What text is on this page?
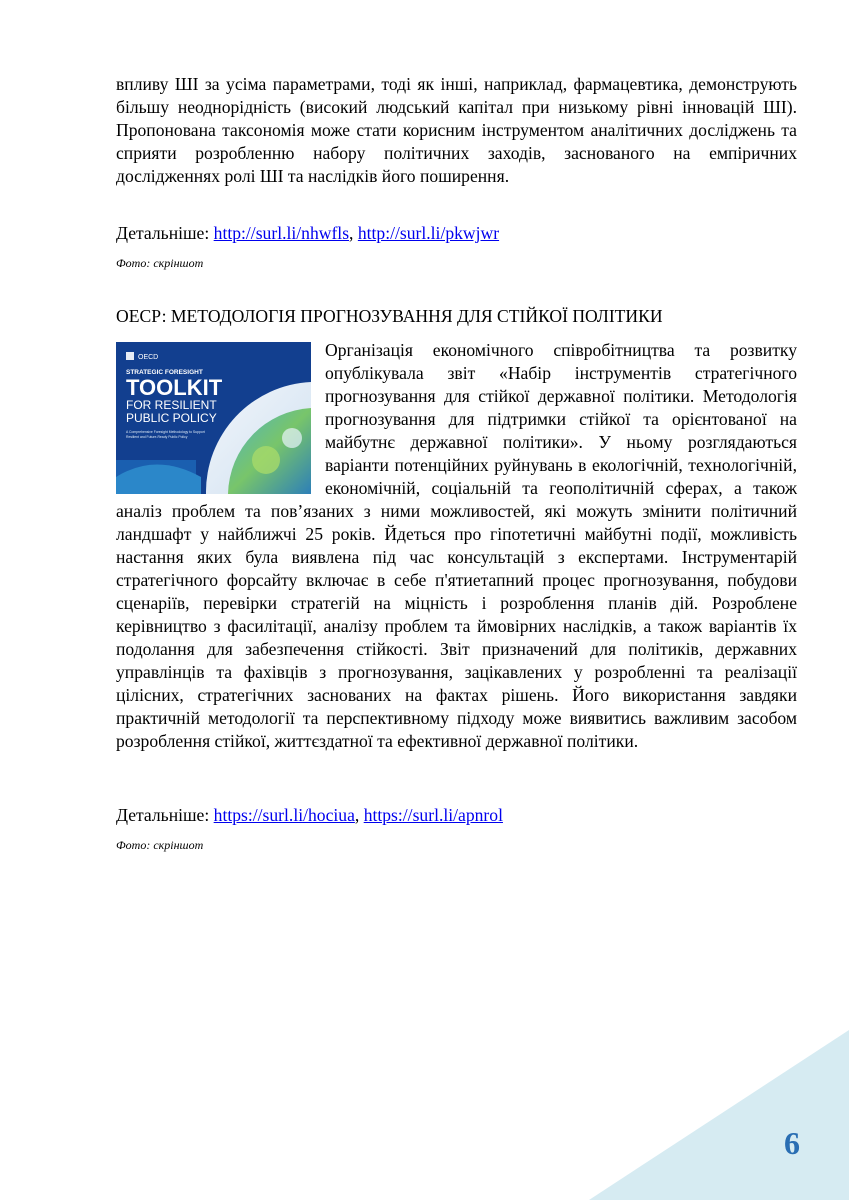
впливу ШІ за усіма параметрами, тоді як інші, наприклад, фармацевтика, демонструють більшу неоднорідність (високий людський капітал при низькому рівні інновацій ШІ). Пропонована таксономія може стати корисним інструментом аналітичних досліджень та сприяти розробленню набору політичних заходів, заснованого на емпіричних дослідженнях ролі ШІ та наслідків його поширення.

Детальніше: http://surl.li/nhwfls, http://surl.li/pkwjwr
Фото: скріншот
ОЕСР: МЕТОДОЛОГІЯ ПРОГНОЗУВАННЯ ДЛЯ СТІЙКОЇ ПОЛІТИКИ
OECD
STRATEGIC FORESIGHT
TOOLKIT
FOR RESILIENT
PUBLIC POLICY
A Comprehensive Foresight Methodology to Support
Resilient and Future-Ready Public Policy

Організація економічного співробітництва та розвитку опублікувала звіт «Набір інструментів стратегічного прогнозування для стійкої державної політики. Методологія прогнозування для підтримки стійкої та орієнтованої на майбутнє державної політики». У ньому розглядаються варіанти потенційних руйнувань в екологічній, технологічній, економічній, соціальній та геополітичній сферах, а також аналіз проблем та пов’язаних з ними можливостей, які можуть змінити політичний ландшафт у найближчі 25 років. Йдеться про гіпотетичні майбутні події, можливість настання яких була виявлена під час консультацій з експертами. Інструментарій стратегічного форсайту включає в себе п'ятиетапний процес прогнозування, побудови сценаріїв, перевірки стратегій на міцність і розроблення планів дій. Розроблене керівництво з фасилітації, аналізу проблем та ймовірних наслідків, а також варіантів їх подолання для забезпечення стійкості. Звіт призначений для політиків, державних управлінців та фахівців з прогнозування, зацікавлених у розробленні та реалізації цілісних, стратегічних заснованих на фактах рішень. Його використання завдяки практичній методології та перспективному підходу може виявитись важливим засобом розроблення стійкої, життєздатної та ефективної державної політики.

Детальніше: https://surl.li/hociua, https://surl.li/apnrol
Фото: скріншот
6
